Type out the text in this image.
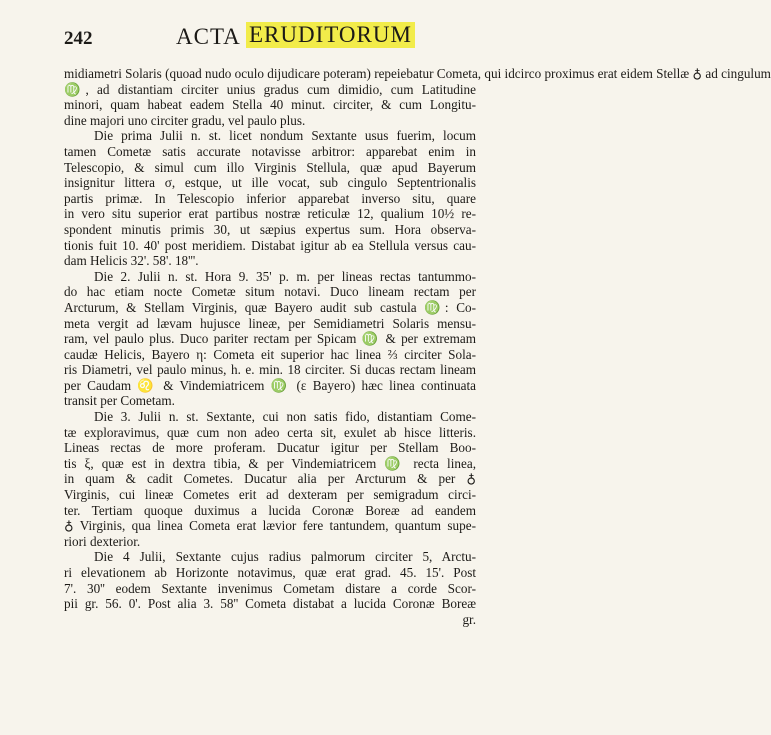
242	ACTA ERUDITORUM
midiametri Solaris (quoad nudo oculo dijudicare poteram) repeiebatur Cometa, qui idcirco proximus erat eidem Stellæ ♁ ad cingulum
♍, ad distantiam circiter unius gradus cum dimidio, cum Latitudine
minori, quam habeat eadem Stella 40 minut. circiter, & cum Longitu-
dine majori uno circiter gradu, vel paulo plus.
Die prima Julii n. st. licet nondum Sextante usus fuerim, locum
tamen Cometæ satis accurate notavisse arbitror: apparebat enim in
Telescopio, & simul cum illo Virginis Stellula, quæ apud Bayerum
insignitur littera σ, estque, ut ille vocat, sub cingulo Septentrionalis
partis primæ. In Telescopio inferior apparebat inverso situ, quare
in vero situ superior erat partibus nostræ reticulæ 12, qualium 10½ re-
spondent minutis primis 30, ut sæpius expertus sum. Hora observa-
tionis fuit 10. 40' post meridiem. Distabat igitur ab ea Stellula versus cau-
dam Helicis 32'. 58'. 18'''.
Die 2. Julii n. st. Hora 9. 35' p. m. per lineas rectas tantummo-
do hac etiam nocte Cometæ situm notavi. Duco lineam rectam per
Arcturum, & Stellam Virginis, quæ Bayero audit sub castula ♍: Co-
meta vergit ad lævam hujusce lineæ, per Semidiametri Solaris mensu-
ram, vel paulo plus. Duco pariter rectam per Spicam ♍ & per extremam
caudæ Helicis, Bayero η: Cometa eit superior hac linea ⅔ circiter Sola-
ris Diametri, vel paulo minus, h. e. min. 18 circiter. Si ducas rectam lineam
per Caudam ♌ & Vindemiatricem ♍ (ε Bayero) hæc linea continuata
transit per Cometam.
Die 3. Julii n. st. Sextante, cui non satis fido, distantiam Come-
tæ exploravimus, quæ cum non adeo certa sit, exulet ab hisce litteris.
Lineas rectas de more proferam. Ducatur igitur per Stellam Boo-
tis ξ, quæ est in dextra tibia, & per Vindemiatricem ♍ recta linea,
in quam & cadit Cometes. Ducatur alia per Arcturum & per ♁
Virginis, cui lineæ Cometes erit ad dexteram per semigradum circi-
ter. Tertiam quoque duximus a lucida Coronæ Boreæ ad eandem
♁ Virginis, qua linea Cometa erat lævior fere tantundem, quantum supe-
riori dexterior.
Die 4 Julii, Sextante cujus radius palmorum circiter 5, Arctu-
ri elevationem ab Horizonte notavimus, quæ erat grad. 45. 15'. Post
7'. 30'' eodem Sextante invenimus Cometam distare a corde Scor-
pii gr. 56. 0'. Post alia 3. 58'' Cometa distabat a lucida Coronæ Boreæ
gr.
